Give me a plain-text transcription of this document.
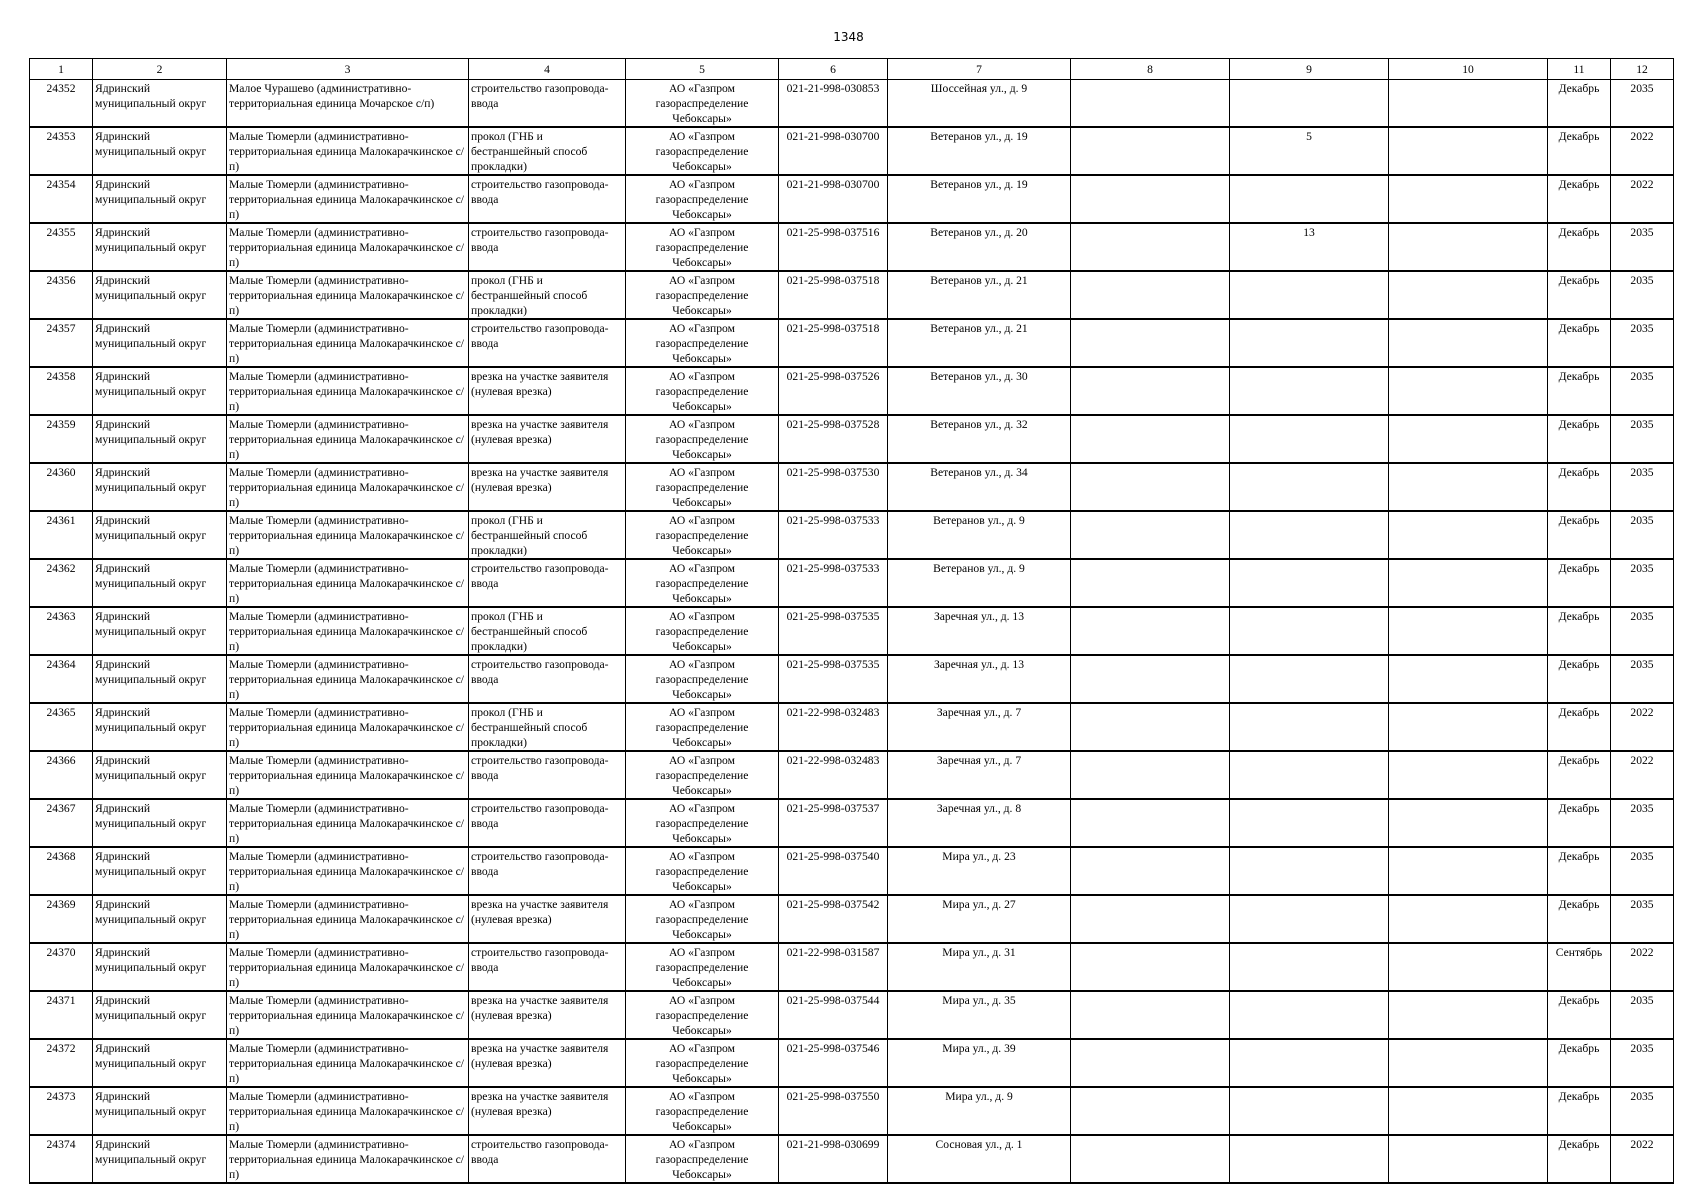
1348
1	2	3	4	5	6	7	8	9	10	11	12

24352	Ядринский муниципальный округ	Малое Чурашево (административно-территориальная единица Мочарское с/п)	строительство газопровода-ввода	АО «Газпром газораспределение Чебоксары»	021-21-998-030853	Шоссейная ул., д. 9				Декабрь	2035

24353	Ядринский муниципальный округ	Малые Тюмерли (административно-территориальная единица Малокарачкинское с/п)	прокол (ГНБ и бестраншейный способ прокладки)	АО «Газпром газораспределение Чебоксары»	021-21-998-030700	Ветеранов ул., д. 19		5		Декабрь	2022

24354	Ядринский муниципальный округ	Малые Тюмерли (административно-территориальная единица Малокарачкинское с/п)	строительство газопровода-ввода	АО «Газпром газораспределение Чебоксары»	021-21-998-030700	Ветеранов ул., д. 19				Декабрь	2022

24355	Ядринский муниципальный округ	Малые Тюмерли (административно-территориальная единица Малокарачкинское с/п)	строительство газопровода-ввода	АО «Газпром газораспределение Чебоксары»	021-25-998-037516	Ветеранов ул., д. 20		13		Декабрь	2035

24356	Ядринский муниципальный округ	Малые Тюмерли (административно-территориальная единица Малокарачкинское с/п)	прокол (ГНБ и бестраншейный способ прокладки)	АО «Газпром газораспределение Чебоксары»	021-25-998-037518	Ветеранов ул., д. 21				Декабрь	2035

24357	Ядринский муниципальный округ	Малые Тюмерли (административно-территориальная единица Малокарачкинское с/п)	строительство газопровода-ввода	АО «Газпром газораспределение Чебоксары»	021-25-998-037518	Ветеранов ул., д. 21				Декабрь	2035

24358	Ядринский муниципальный округ	Малые Тюмерли (административно-территориальная единица Малокарачкинское с/п)	врезка на участке заявителя (нулевая врезка)	АО «Газпром газораспределение Чебоксары»	021-25-998-037526	Ветеранов ул., д. 30				Декабрь	2035

24359	Ядринский муниципальный округ	Малые Тюмерли (административно-территориальная единица Малокарачкинское с/п)	врезка на участке заявителя (нулевая врезка)	АО «Газпром газораспределение Чебоксары»	021-25-998-037528	Ветеранов ул., д. 32				Декабрь	2035

24360	Ядринский муниципальный округ	Малые Тюмерли (административно-территориальная единица Малокарачкинское с/п)	врезка на участке заявителя (нулевая врезка)	АО «Газпром газораспределение Чебоксары»	021-25-998-037530	Ветеранов ул., д. 34				Декабрь	2035

24361	Ядринский муниципальный округ	Малые Тюмерли (административно-территориальная единица Малокарачкинское с/п)	прокол (ГНБ и бестраншейный способ прокладки)	АО «Газпром газораспределение Чебоксары»	021-25-998-037533	Ветеранов ул., д. 9				Декабрь	2035

24362	Ядринский муниципальный округ	Малые Тюмерли (административно-территориальная единица Малокарачкинское с/п)	строительство газопровода-ввода	АО «Газпром газораспределение Чебоксары»	021-25-998-037533	Ветеранов ул., д. 9				Декабрь	2035

24363	Ядринский муниципальный округ	Малые Тюмерли (административно-территориальная единица Малокарачкинское с/п)	прокол (ГНБ и бестраншейный способ прокладки)	АО «Газпром газораспределение Чебоксары»	021-25-998-037535	Заречная ул., д. 13				Декабрь	2035

24364	Ядринский муниципальный округ	Малые Тюмерли (административно-территориальная единица Малокарачкинское с/п)	строительство газопровода-ввода	АО «Газпром газораспределение Чебоксары»	021-25-998-037535	Заречная ул., д. 13				Декабрь	2035

24365	Ядринский муниципальный округ	Малые Тюмерли (административно-территориальная единица Малокарачкинское с/п)	прокол (ГНБ и бестраншейный способ прокладки)	АО «Газпром газораспределение Чебоксары»	021-22-998-032483	Заречная ул., д. 7				Декабрь	2022

24366	Ядринский муниципальный округ	Малые Тюмерли (административно-территориальная единица Малокарачкинское с/п)	строительство газопровода-ввода	АО «Газпром газораспределение Чебоксары»	021-22-998-032483	Заречная ул., д. 7				Декабрь	2022

24367	Ядринский муниципальный округ	Малые Тюмерли (административно-территориальная единица Малокарачкинское с/п)	строительство газопровода-ввода	АО «Газпром газораспределение Чебоксары»	021-25-998-037537	Заречная ул., д. 8				Декабрь	2035

24368	Ядринский муниципальный округ	Малые Тюмерли (административно-территориальная единица Малокарачкинское с/п)	строительство газопровода-ввода	АО «Газпром газораспределение Чебоксары»	021-25-998-037540	Мира ул., д. 23				Декабрь	2035

24369	Ядринский муниципальный округ	Малые Тюмерли (административно-территориальная единица Малокарачкинское с/п)	врезка на участке заявителя (нулевая врезка)	АО «Газпром газораспределение Чебоксары»	021-25-998-037542	Мира ул., д. 27				Декабрь	2035

24370	Ядринский муниципальный округ	Малые Тюмерли (административно-территориальная единица Малокарачкинское с/п)	строительство газопровода-ввода	АО «Газпром газораспределение Чебоксары»	021-22-998-031587	Мира ул., д. 31				Сентябрь	2022

24371	Ядринский муниципальный округ	Малые Тюмерли (административно-территориальная единица Малокарачкинское с/п)	врезка на участке заявителя (нулевая врезка)	АО «Газпром газораспределение Чебоксары»	021-25-998-037544	Мира ул., д. 35				Декабрь	2035

24372	Ядринский муниципальный округ	Малые Тюмерли (административно-территориальная единица Малокарачкинское с/п)	врезка на участке заявителя (нулевая врезка)	АО «Газпром газораспределение Чебоксары»	021-25-998-037546	Мира ул., д. 39				Декабрь	2035

24373	Ядринский муниципальный округ	Малые Тюмерли (административно-территориальная единица Малокарачкинское с/п)	врезка на участке заявителя (нулевая врезка)	АО «Газпром газораспределение Чебоксары»	021-25-998-037550	Мира ул., д. 9				Декабрь	2035

24374	Ядринский муниципальный округ	Малые Тюмерли (административно-территориальная единица Малокарачкинское с/п)	строительство газопровода-ввода	АО «Газпром газораспределение Чебоксары»	021-21-998-030699	Сосновая ул., д. 1				Декабрь	2022
